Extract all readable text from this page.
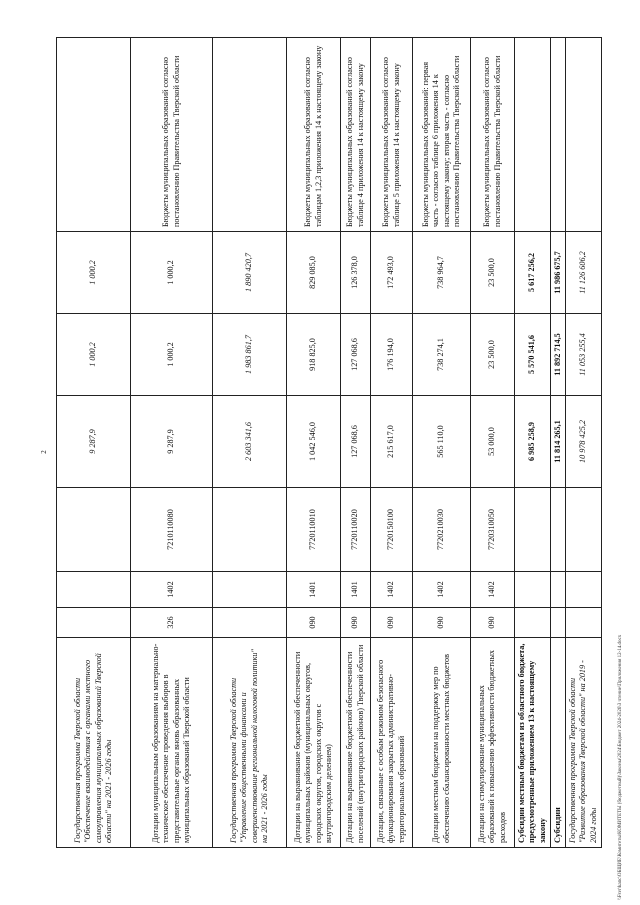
2
Государственная программа Тверской области "Обеспечение взаимодействия с органами местного самоуправления муниципальных образований Тверской области" на 2021 - 2026 годы				9 287,9	1 000,2	1 000,2	
Дотации муниципальным образованиям на материально-техническое обеспечение проведения выборов в представительные органы вновь образованных муниципальных образований Тверской области	326	1402	7210110080	9 287,9	1 000,2	1 000,2	Бюджеты муниципальных образований согласно постановлению Правительства Тверской области
Государственная программа Тверской области "Управление общественными финансами и совершенствование региональной налоговой политики" на 2021 - 2026 годы				2 603 341,6	1 983 861,7	1 890 420,7	
Дотации на выравнивание бюджетной обеспеченности муниципальных районов (муниципальных округов, городских округов, городских округов с внутригородским делением)	090	1401	7720110010	1 042 546,0	918 825,0	829 085,0	Бюджеты муниципальных образований согласно таблицам 1,2,3 приложения 14 к настоящему закону
Дотации на выравнивание бюджетной обеспеченности поселений (внутригородских районов) Тверской области	090	1401	7720110020	127 068,6	127 068,6	126 378,0	Бюджеты муниципальных образований согласно таблице 4 приложения 14 к настоящему закону
Дотации, связанные с особым режимом безопасного функционирования закрытых административно-территориальных образований	090	1402	7720150100	215 617,0	176 194,0	172 493,0	Бюджеты муниципальных образований согласно таблице 5 приложения 14 к настоящему закону
Дотации местным бюджетам на поддержку мер по обеспечению сбалансированности местных бюджетов	090	1402	7720210030	565 110,0	738 274,1	738 964,7	Бюджеты муниципальных образований: первая часть - согласно таблице 6 приложения 14 к настоящему закону; вторая часть - согласно постановлению Правительства Тверской области
Дотации на стимулирование муниципальных образований к повышению эффективности бюджетных расходов	090	1402	7720310050	53 000,0	23 500,0	23 500,0	Бюджеты муниципальных образований согласно постановлению Правительства Тверской области
Субсидии местным бюджетам из областного бюджета, предусмотренные приложением 13 к настоящему закону				6 985 258,9	5 570 541,6	5 617 256,2	
Субсидии				11 814 265,1	11 892 714,5	11 986 675,7	
Государственная программа Тверской области "Развитие образования Тверской области" на 2019 - 2024 годы				10 978 425,2	11 053 255,4	11 126 606,2	
\\Fsvr\kanc\ОБЩИЕ\Комитеты\КОМИТЕТЫ (бюджетный)\Законы\2024\Бюджет 2024-2026\3 чтение\Приложения 12-14.docx
